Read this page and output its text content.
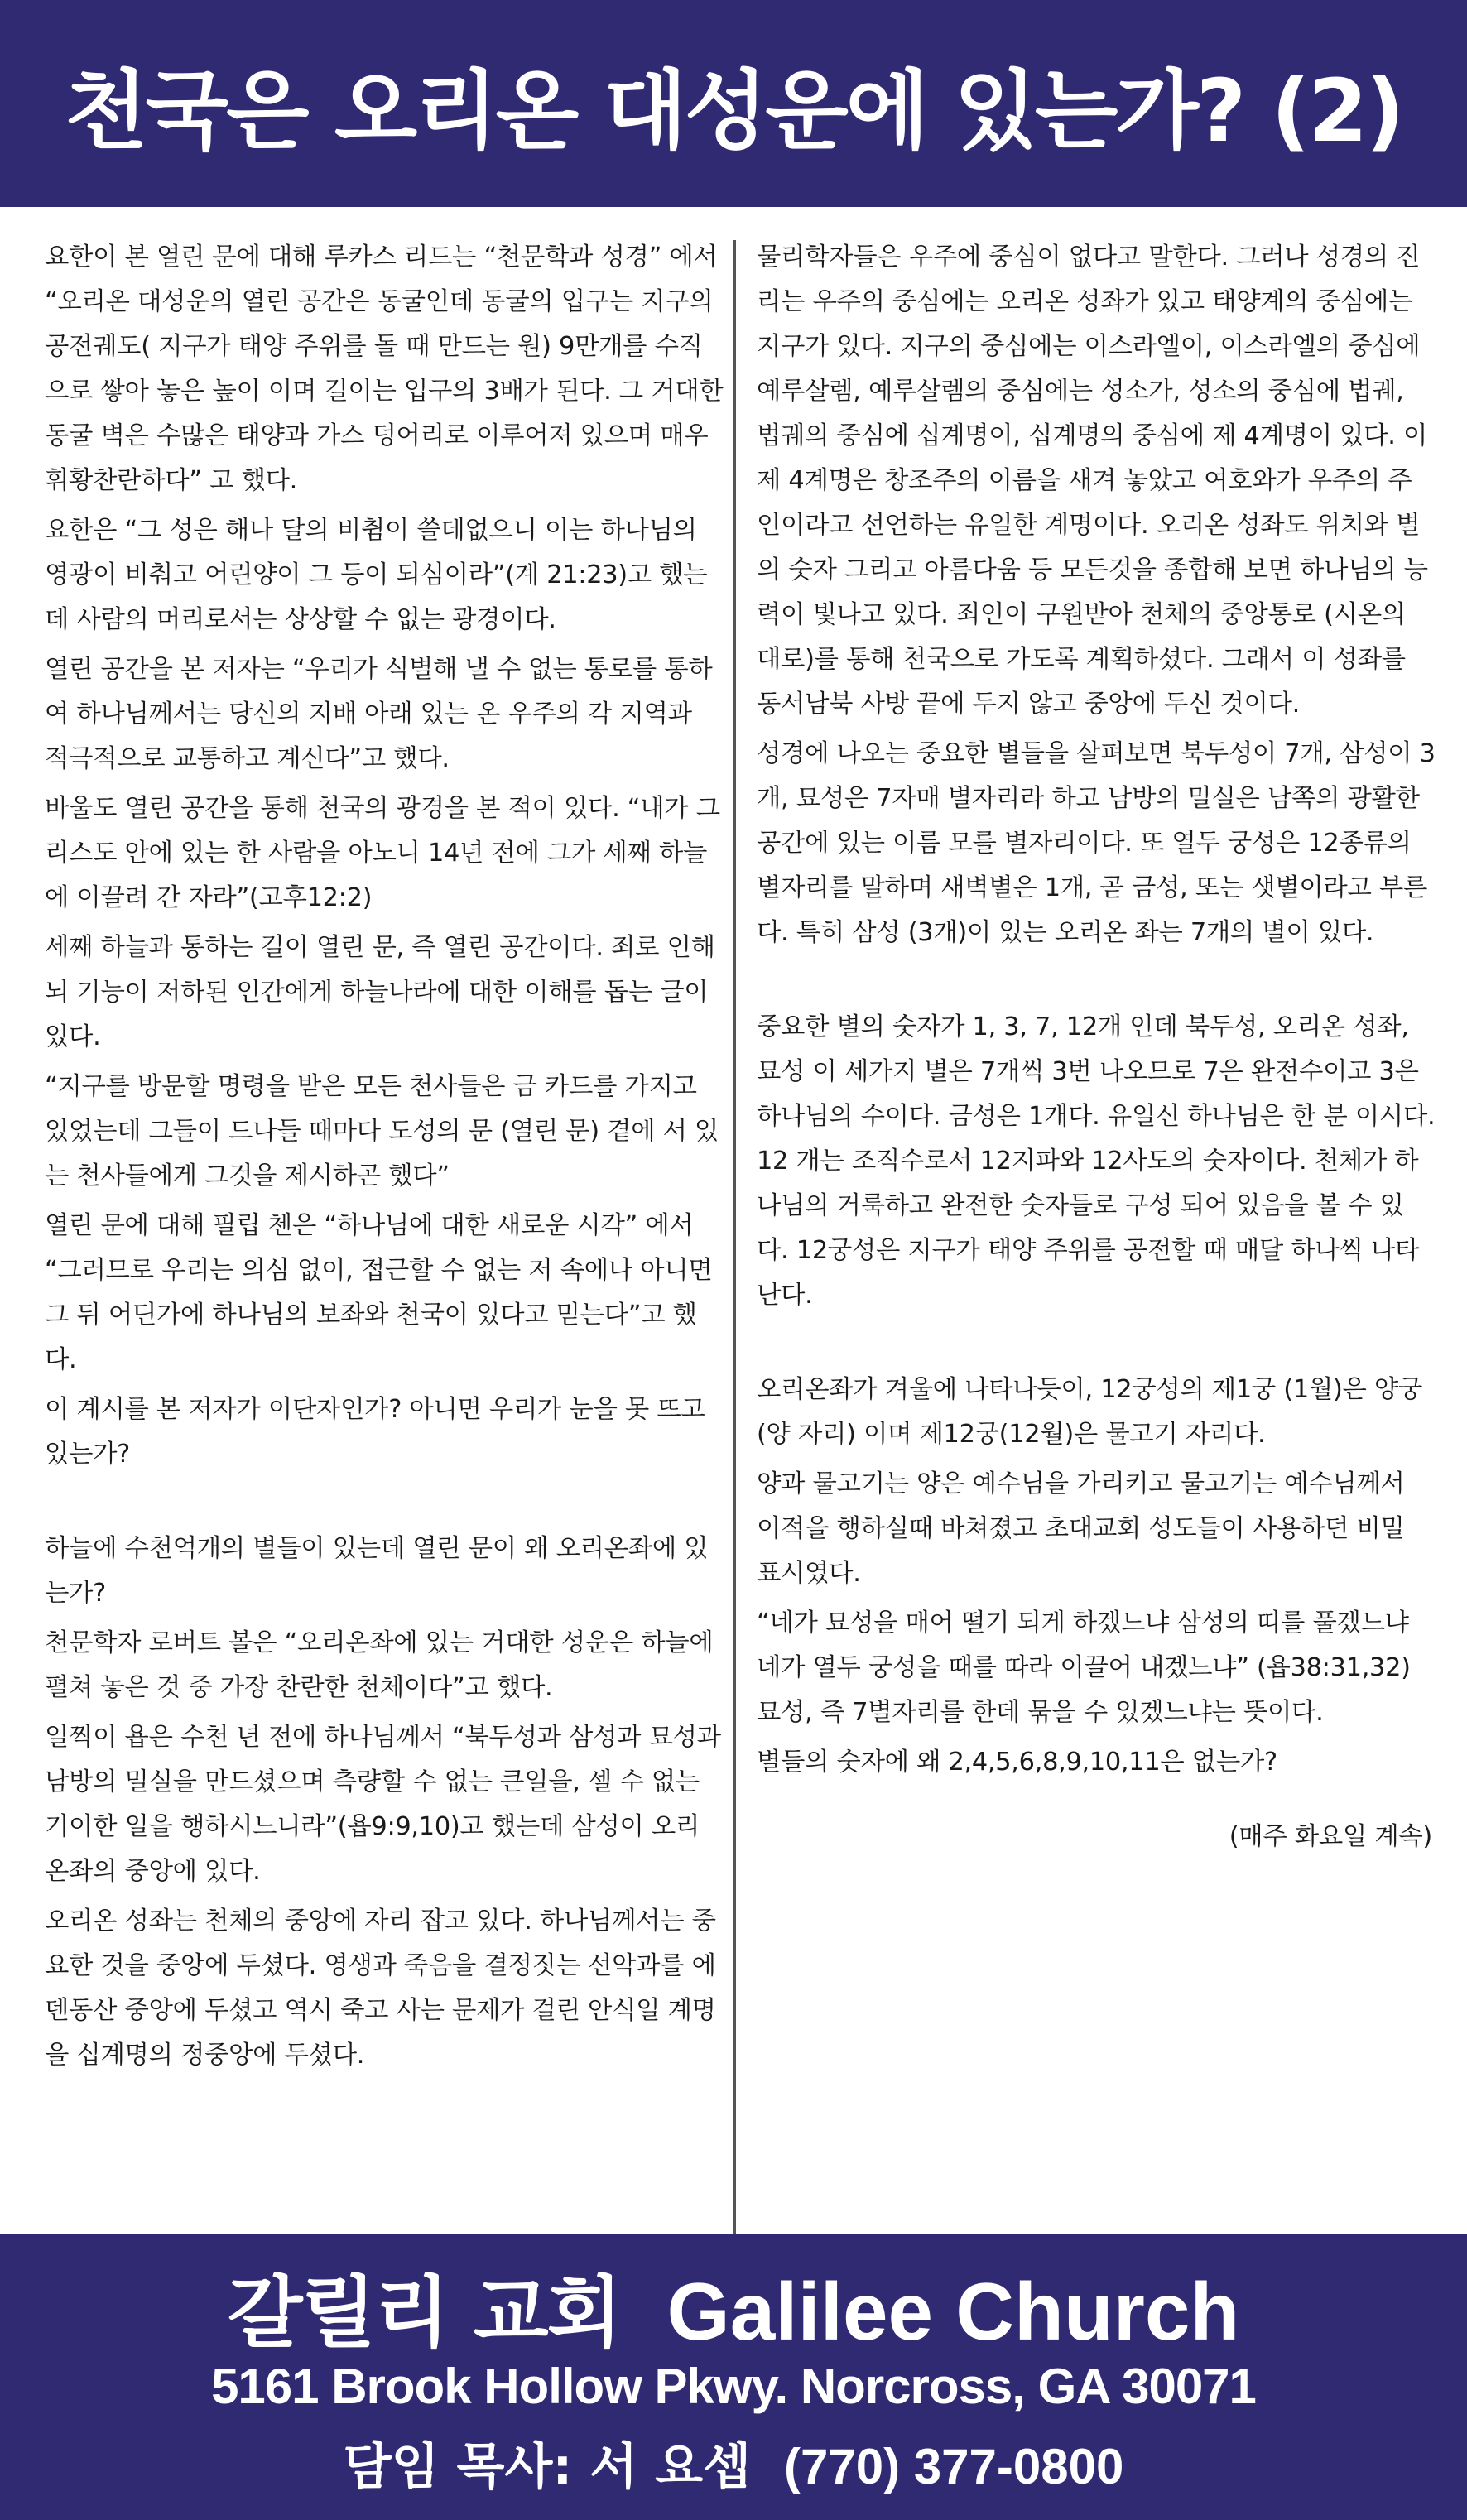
천국은 오리온 대성운에 있는가? (2)

요한이 본 열린 문에 대해 루카스 리드는 “천문학과 성경” 에서 “오리온 대성운의 열린 공간은 동굴인데 동굴의 입구는 지구의 공전궤도( 지구가 태양 주위를 돌 때 만드는 원) 9만개를 수직으로 쌓아 놓은 높이 이며 길이는 입구의 3배가 된다. 그 거대한 동굴 벽은 수많은 태양과 가스 덩어리로 이루어져 있으며 매우 휘황찬란하다” 고 했다.

요한은 “그 성은 해나 달의 비췸이 쓸데없으니 이는 하나님의 영광이 비춰고 어린양이 그 등이 되심이라”(계 21:23)고 했는데 사람의 머리로서는 상상할 수 없는 광경이다.

열린 공간을 본 저자는 “우리가 식별해 낼 수 없는 통로를 통하여 하나님께서는 당신의 지배 아래 있는 온 우주의 각 지역과 적극적으로 교통하고 계신다”고 했다.

바울도 열린 공간을 통해 천국의 광경을 본 적이 있다. “내가 그리스도 안에 있는 한 사람을 아노니 14년 전에 그가 세째 하늘에 이끌려 간 자라”(고후12:2)

세째 하늘과 통하는 길이 열린 문, 즉 열린 공간이다. 죄로 인해 뇌 기능이 저하된 인간에게 하늘나라에 대한 이해를 돕는 글이 있다.

“지구를 방문할 명령을 받은 모든 천사들은 금 카드를 가지고 있었는데 그들이 드나들 때마다 도성의 문 (열린 문) 곁에 서 있는 천사들에게 그것을 제시하곤 했다”

열린 문에 대해 필립 첸은 “하나님에 대한 새로운 시각” 에서 “그러므로 우리는 의심 없이, 접근할 수 없는 저 속에나 아니면 그 뒤 어딘가에 하나님의 보좌와 천국이 있다고 믿는다”고 했다.

이 계시를 본 저자가 이단자인가? 아니면 우리가 눈을 못 뜨고 있는가?

하늘에 수천억개의 별들이 있는데 열린 문이 왜 오리온좌에 있는가?

천문학자 로버트 볼은 “오리온좌에 있는 거대한 성운은 하늘에 펼쳐 놓은 것 중 가장 찬란한 천체이다”고 했다.

일찍이 욥은 수천 년 전에 하나님께서 “북두성과 삼성과 묘성과 남방의 밀실을 만드셨으며 측량할 수 없는 큰일을, 셀 수 없는 기이한 일을 행하시느니라”(욥9:9,10)고 했는데 삼성이 오리온좌의 중앙에 있다.

오리온 성좌는 천체의 중앙에 자리 잡고 있다. 하나님께서는 중요한 것을 중앙에 두셨다. 영생과 죽음을 결정짓는 선악과를 에덴동산 중앙에 두셨고 역시 죽고 사는 문제가 걸린 안식일 계명을 십계명의 정중앙에 두셨다.

물리학자들은 우주에 중심이 없다고 말한다. 그러나 성경의 진리는 우주의 중심에는 오리온 성좌가 있고 태양계의 중심에는 지구가 있다. 지구의 중심에는 이스라엘이, 이스라엘의 중심에 예루살렘, 예루살렘의 중심에는 성소가, 성소의 중심에 법궤, 법궤의 중심에 십계명이, 십계명의 중심에 제 4계명이 있다. 이 제 4계명은 창조주의 이름을 새겨 놓았고 여호와가 우주의 주인이라고 선언하는 유일한 계명이다. 오리온 성좌도 위치와 별의 숫자 그리고 아름다움 등 모든것을 종합해 보면 하나님의 능력이 빛나고 있다. 죄인이 구원받아 천체의 중앙통로 (시온의 대로)를 통해 천국으로 가도록 계획하셨다. 그래서 이 성좌를 동서남북 사방 끝에 두지 않고 중앙에 두신 것이다.

성경에 나오는 중요한 별들을 살펴보면 북두성이 7개, 삼성이 3개, 묘성은 7자매 별자리라 하고 남방의 밀실은 남쪽의 광활한 공간에 있는 이름 모를 별자리이다. 또 열두 궁성은 12종류의 별자리를 말하며 새벽별은 1개, 곧 금성, 또는 샛별이라고 부른다. 특히 삼성 (3개)이 있는 오리온 좌는 7개의 별이 있다.

중요한 별의 숫자가 1, 3, 7, 12개 인데 북두성, 오리온 성좌, 묘성 이 세가지 별은 7개씩 3번 나오므로 7은 완전수이고 3은 하나님의 수이다. 금성은 1개다. 유일신 하나님은 한 분 이시다. 12 개는 조직수로서 12지파와 12사도의 숫자이다. 천체가 하나님의 거룩하고 완전한 숫자들로 구성 되어 있음을 볼 수 있다. 12궁성은 지구가 태양 주위를 공전할 때 매달 하나씩 나타난다.

오리온좌가 겨울에 나타나듯이, 12궁성의 제1궁 (1월)은 양궁 (양 자리) 이며 제12궁(12월)은 물고기 자리다.

양과 물고기는 양은 예수님을 가리키고 물고기는 예수님께서 이적을 행하실때 바쳐졌고 초대교회 성도들이 사용하던 비밀 표시였다.

“네가 묘성을 매어 떨기 되게 하겠느냐 삼성의 띠를 풀겠느냐 네가 열두 궁성을 때를 따라 이끌어 내겠느냐” (욥38:31,32) 묘성, 즉 7별자리를 한데 묶을 수 있겠느냐는 뜻이다.

별들의 숫자에 왜 2,4,5,6,8,9,10,11은 없는가?

(매주 화요일 계속)

갈릴리 교회 Galilee Church
5161 Brook Hollow Pkwy. Norcross, GA 30071
담임 목사: 서 요셉 (770) 377-0800
